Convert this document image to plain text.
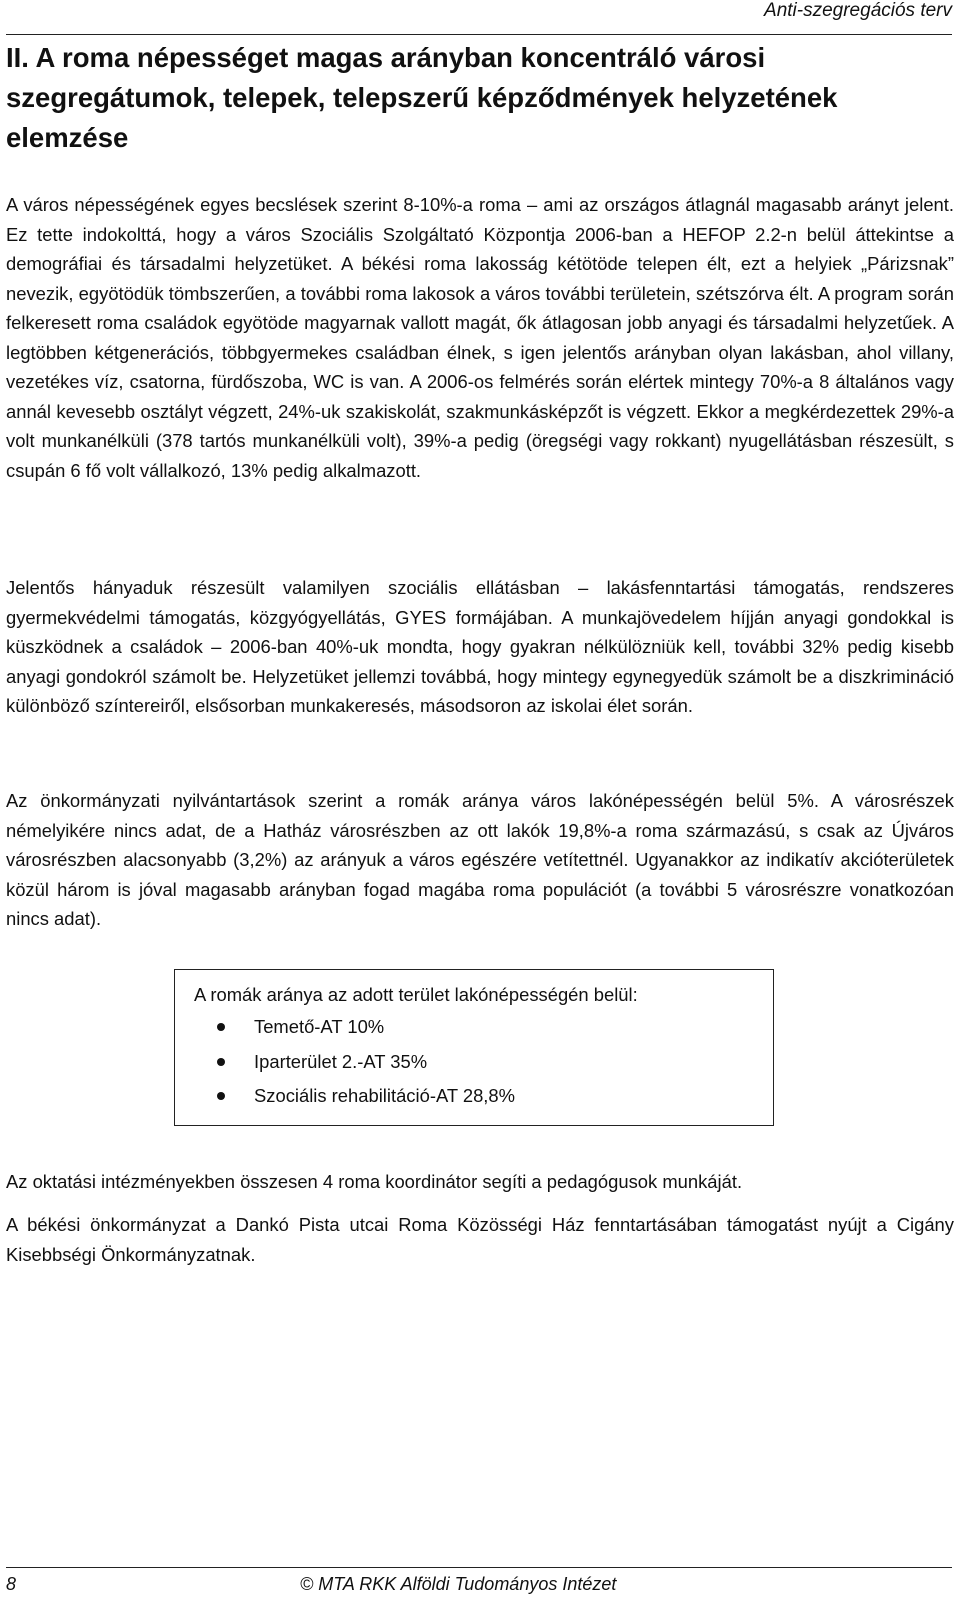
Anti-szegregációs terv
II. A roma népességet magas arányban koncentráló városi szegregátumok, telepek, telepszerű képződmények helyzetének elemzése

A város népességének egyes becslések szerint 8-10%-a roma – ami az országos átlagnál magasabb arányt jelent. Ez tette indokolttá, hogy a város Szociális Szolgáltató Központja 2006-ban a HEFOP 2.2-n belül áttekintse a demográfiai és társadalmi helyzetüket. A békési roma lakosság kétötöde telepen élt, ezt a helyiek „Párizsnak” nevezik, egyötödük tömbszerűen, a további roma lakosok a város további területein, szétszórva élt. A program során felkeresett roma családok egyötöde magyarnak vallott magát, ők átlagosan jobb anyagi és társadalmi helyzetűek. A legtöbben kétgenerációs, többgyermekes családban élnek, s igen jelentős arányban olyan lakásban, ahol villany, vezetékes víz, csatorna, fürdőszoba, WC is van. A 2006-os felmérés során elértek mintegy 70%-a 8 általános vagy annál kevesebb osztályt végzett, 24%-uk szakiskolát, szakmunkásképzőt is végzett. Ekkor a megkérdezettek 29%-a volt munkanélküli (378 tartós munkanélküli volt), 39%-a pedig (öregségi vagy rokkant) nyugellátásban részesült, s csupán 6 fő volt vállalkozó, 13% pedig alkalmazott.

Jelentős hányaduk részesült valamilyen szociális ellátásban – lakásfenntartási támogatás, rendszeres gyermekvédelmi támogatás, közgyógyellátás, GYES formájában. A munkajövedelem híjján anyagi gondokkal is küszködnek a családok – 2006-ban 40%-uk mondta, hogy gyakran nélkülözniük kell, további 32% pedig kisebb anyagi gondokról számolt be. Helyzetüket jellemzi továbbá, hogy mintegy egynegyedük számolt be a diszkrimináció különböző színtereiről, elsősorban munkakeresés, másodsoron az iskolai élet során.

Az önkormányzati nyilvántartások szerint a romák aránya város lakónépességén belül 5%. A városrészek némelyikére nincs adat, de a Hatház városrészben az ott lakók 19,8%-a roma származású, s csak az Újváros városrészben alacsonyabb (3,2%) az arányuk a város egészére vetítettnél. Ugyanakkor az indikatív akcióterületek közül három is jóval magasabb arányban fogad magába roma populációt (a további 5 városrészre vonatkozóan nincs adat).

A romák aránya az adott terület lakónépességén belül:

Temető-AT 10%
Iparterület 2.-AT 35%
Szociális rehabilitáció-AT 28,8%

Az oktatási intézményekben összesen 4 roma koordinátor segíti a pedagógusok munkáját.

A békési önkormányzat a Dankó Pista utcai Roma Közösségi Ház fenntartásában támogatást nyújt a Cigány Kisebbségi Önkormányzatnak.

8	© MTA RKK Alföldi Tudományos Intézet
